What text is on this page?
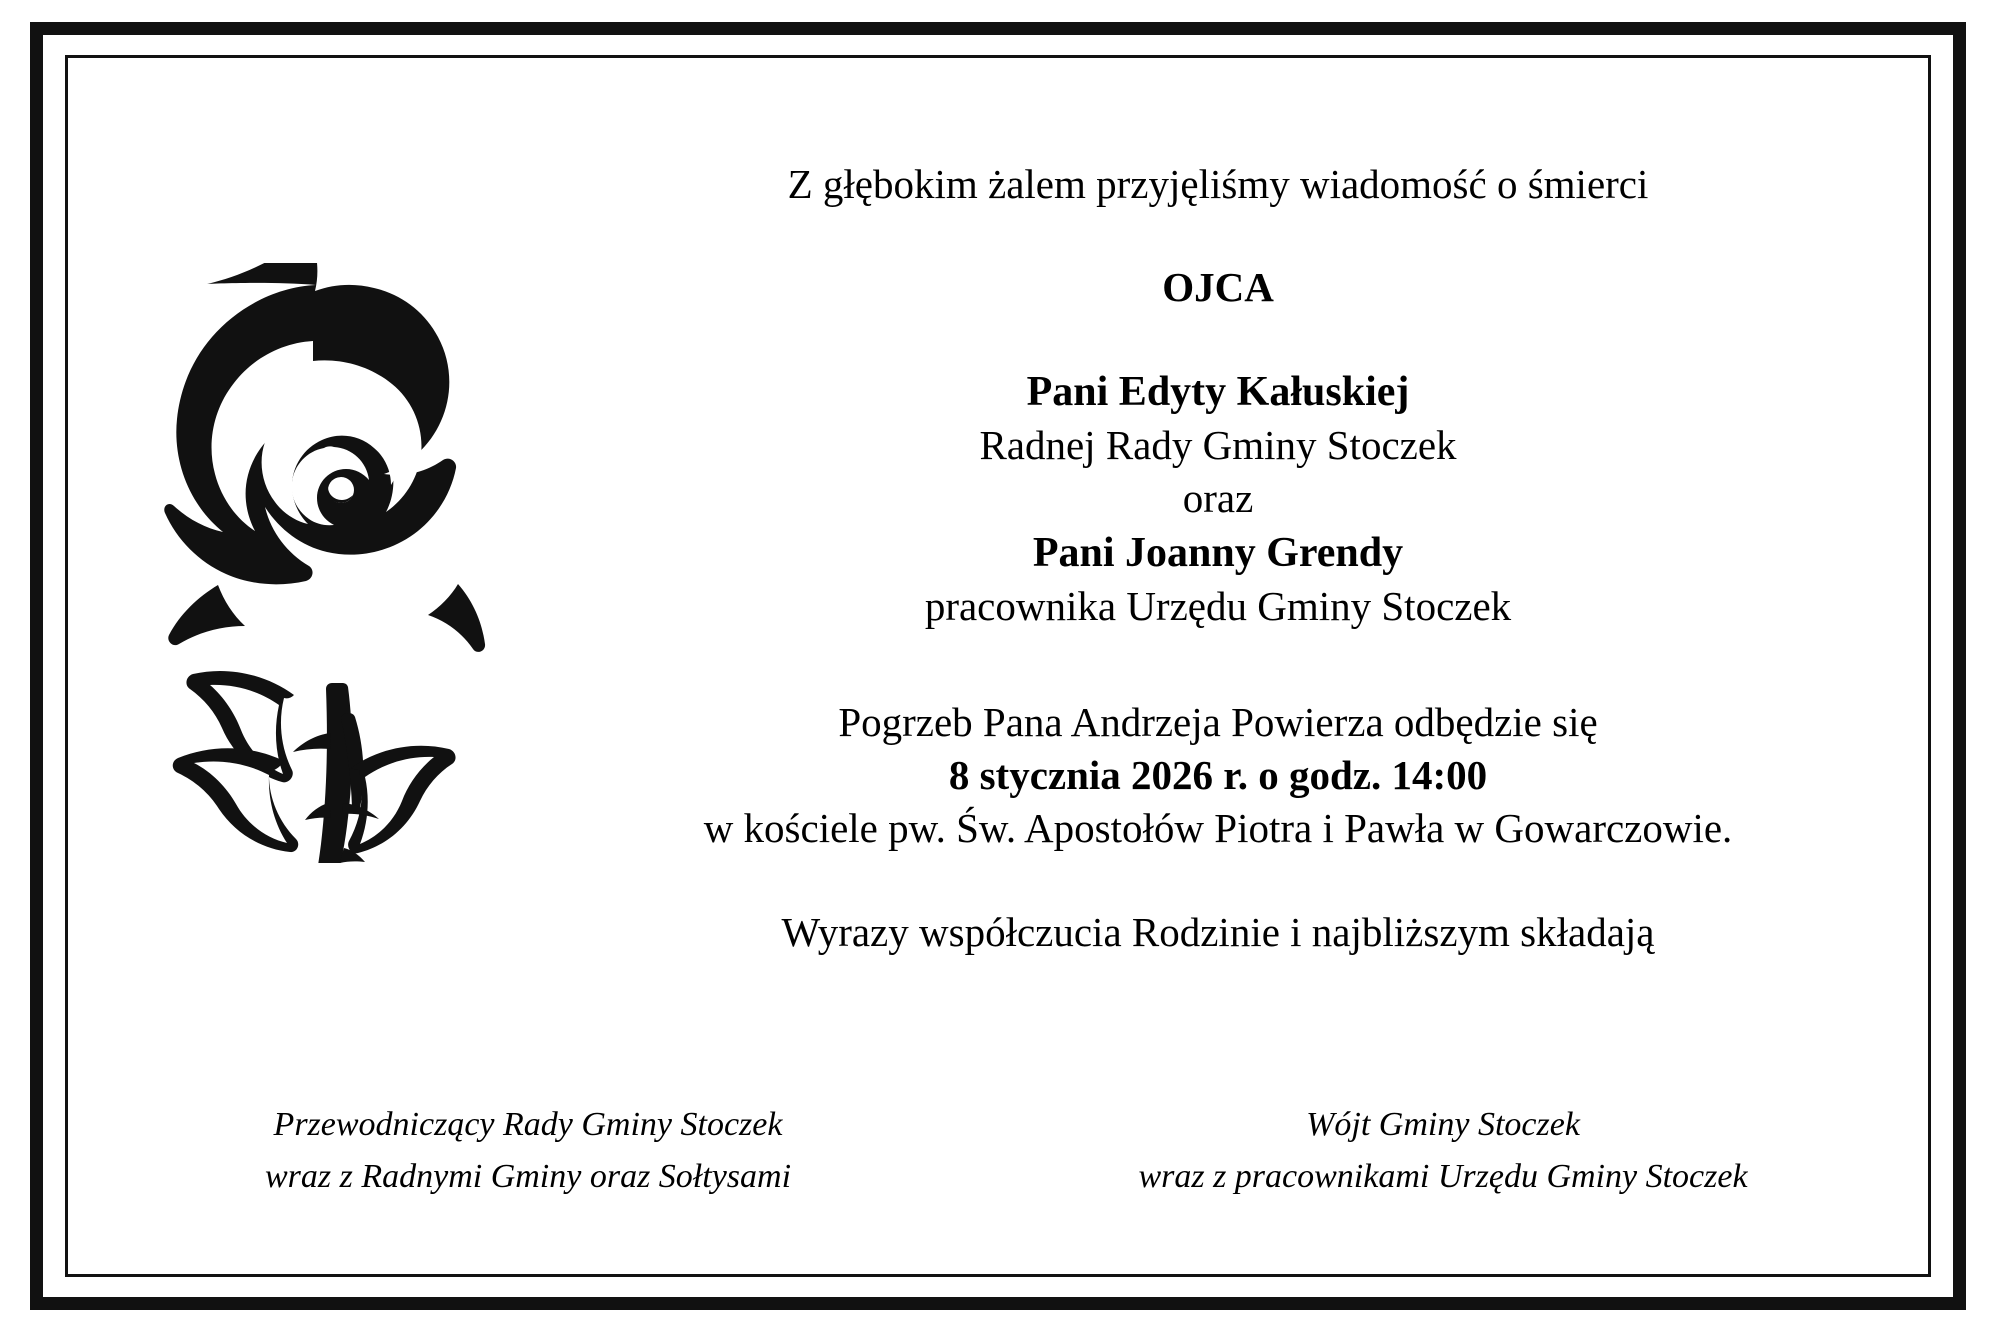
Z głębokim żalem przyjęliśmy wiadomość o śmierci
OJCA
Pani Edyty Kałuskiej
Radnej Rady Gminy Stoczek
oraz
Pani Joanny Grendy
pracownika Urzędu Gminy Stoczek
Pogrzeb Pana Andrzeja Powierza odbędzie się
8 stycznia 2026 r. o godz. 14:00
w kościele pw. Św. Apostołów Piotra i Pawła w Gowarczowie.
Wyrazy współczucia Rodzinie i najbliższym składają
Przewodniczący Rady Gminy Stoczek
wraz z Radnymi Gminy oraz Sołtysami
Wójt Gminy Stoczek
wraz z pracownikami Urzędu Gminy Stoczek
